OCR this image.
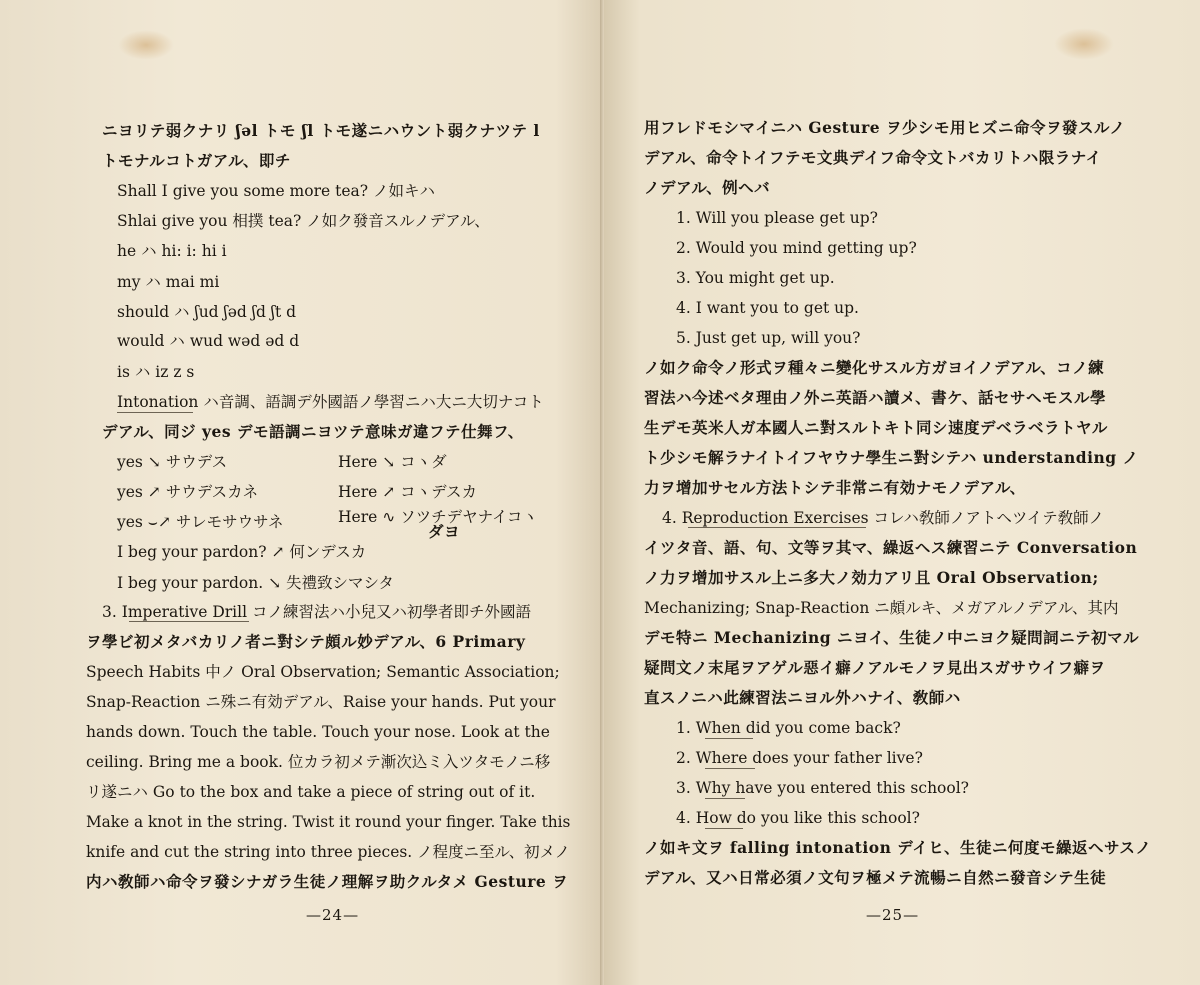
ニヨリテ弱クナリ ʃəl トモ ʃl トモ遂ニハウント弱クナツテ l
トモナルコトガアル、即チ
Shall I give you some more tea? ノ如キハ
Shlai give you 相撲 tea? ノ如ク發音スルノデアル、
he ハ hi: i: hi i
my ハ mai mi
should ハ ʃud ʃəd ʃd ʃt d
would ハ wud wəd əd d
is ハ iz z s
Intonation ハ音調、語調デ外國語ノ學習ニハ大ニ大切ナコト
デアル、同ジ yes デモ語調ニヨツテ意味ガ違フテ仕舞フ、
yes ↘ サウデス	Here ↘ コヽダ
yes ↗ サウデスカネ	Here ↗ コヽデスカ
yes ⌣↗ サレモサウサネ	Here ∿ ソツチデヤナイコヽ
ダヨ
I beg your pardon? ↗ 何ンデスカ
I beg your pardon. ↘ 失禮致シマシタ
3. Imperative Drill コノ練習法ハ小兒又ハ初學者即チ外國語
ヲ學ビ初メタバカリノ者ニ對シテ頗ル妙デアル、6 Primary
Speech Habits 中ノ Oral Observation; Semantic Association;
Snap-Reaction ニ殊ニ有効デアル、Raise your hands. Put your
hands down. Touch the table. Touch your nose. Look at the
ceiling. Bring me a book. 位カラ初メテ漸次込ミ入ツタモノニ移
リ遂ニハ Go to the box and take a piece of string out of it.
Make a knot in the string. Twist it round your finger. Take this
knife and cut the string into three pieces. ノ程度ニ至ル、初メノ
内ハ敎師ハ命令ヲ發シナガラ生徒ノ理解ヲ助クルタメ Gesture ヲ
—24—
用フレドモシマイニハ Gesture ヲ少シモ用ヒズニ命令ヲ發スルノ
デアル、命令トイフテモ文典デイフ命令文トバカリトハ限ラナイ
ノデアル、例ヘバ
1. Will you please get up?
2. Would you mind getting up?
3. You might get up.
4. I want you to get up.
5. Just get up, will you?
ノ如ク命令ノ形式ヲ種々ニ變化サスル方ガヨイノデアル、コノ練
習法ハ今述ベタ理由ノ外ニ英語ハ讀メ、書ケ、話セサヘモスル學
生デモ英米人ガ本國人ニ對スルトキト同シ速度デベラベラトヤル
ト少シモ解ラナイトイフヤウナ學生ニ對シテハ understanding ノ
力ヲ增加サセル方法トシテ非常ニ有効ナモノデアル、
4. Reproduction Exercises コレハ敎師ノアトヘツイテ敎師ノ
イツタ音、語、句、文等ヲ其マ、繰返ヘス練習ニテ Conversation
ノ力ヲ增加サスル上ニ多大ノ効力アリ且 Oral Observation;
Mechanizing; Snap-Reaction ニ頗ルキ、メガアルノデアル、其内
デモ特ニ Mechanizing ニヨイ、生徒ノ中ニヨク疑問詞ニテ初マル
疑問文ノ末尾ヲアゲル惡イ癖ノアルモノヲ見出スガサウイフ癖ヲ
直スノニハ此練習法ニヨル外ハナイ、敎師ハ
1. When did you come back?
2. Where does your father live?
3. Why have you entered this school?
4. How do you like this school?
ノ如キ文ヲ falling intonation デイヒ、生徒ニ何度モ繰返ヘサスノ
デアル、又ハ日常必須ノ文句ヲ極メテ流暢ニ自然ニ發音シテ生徒
—25—
